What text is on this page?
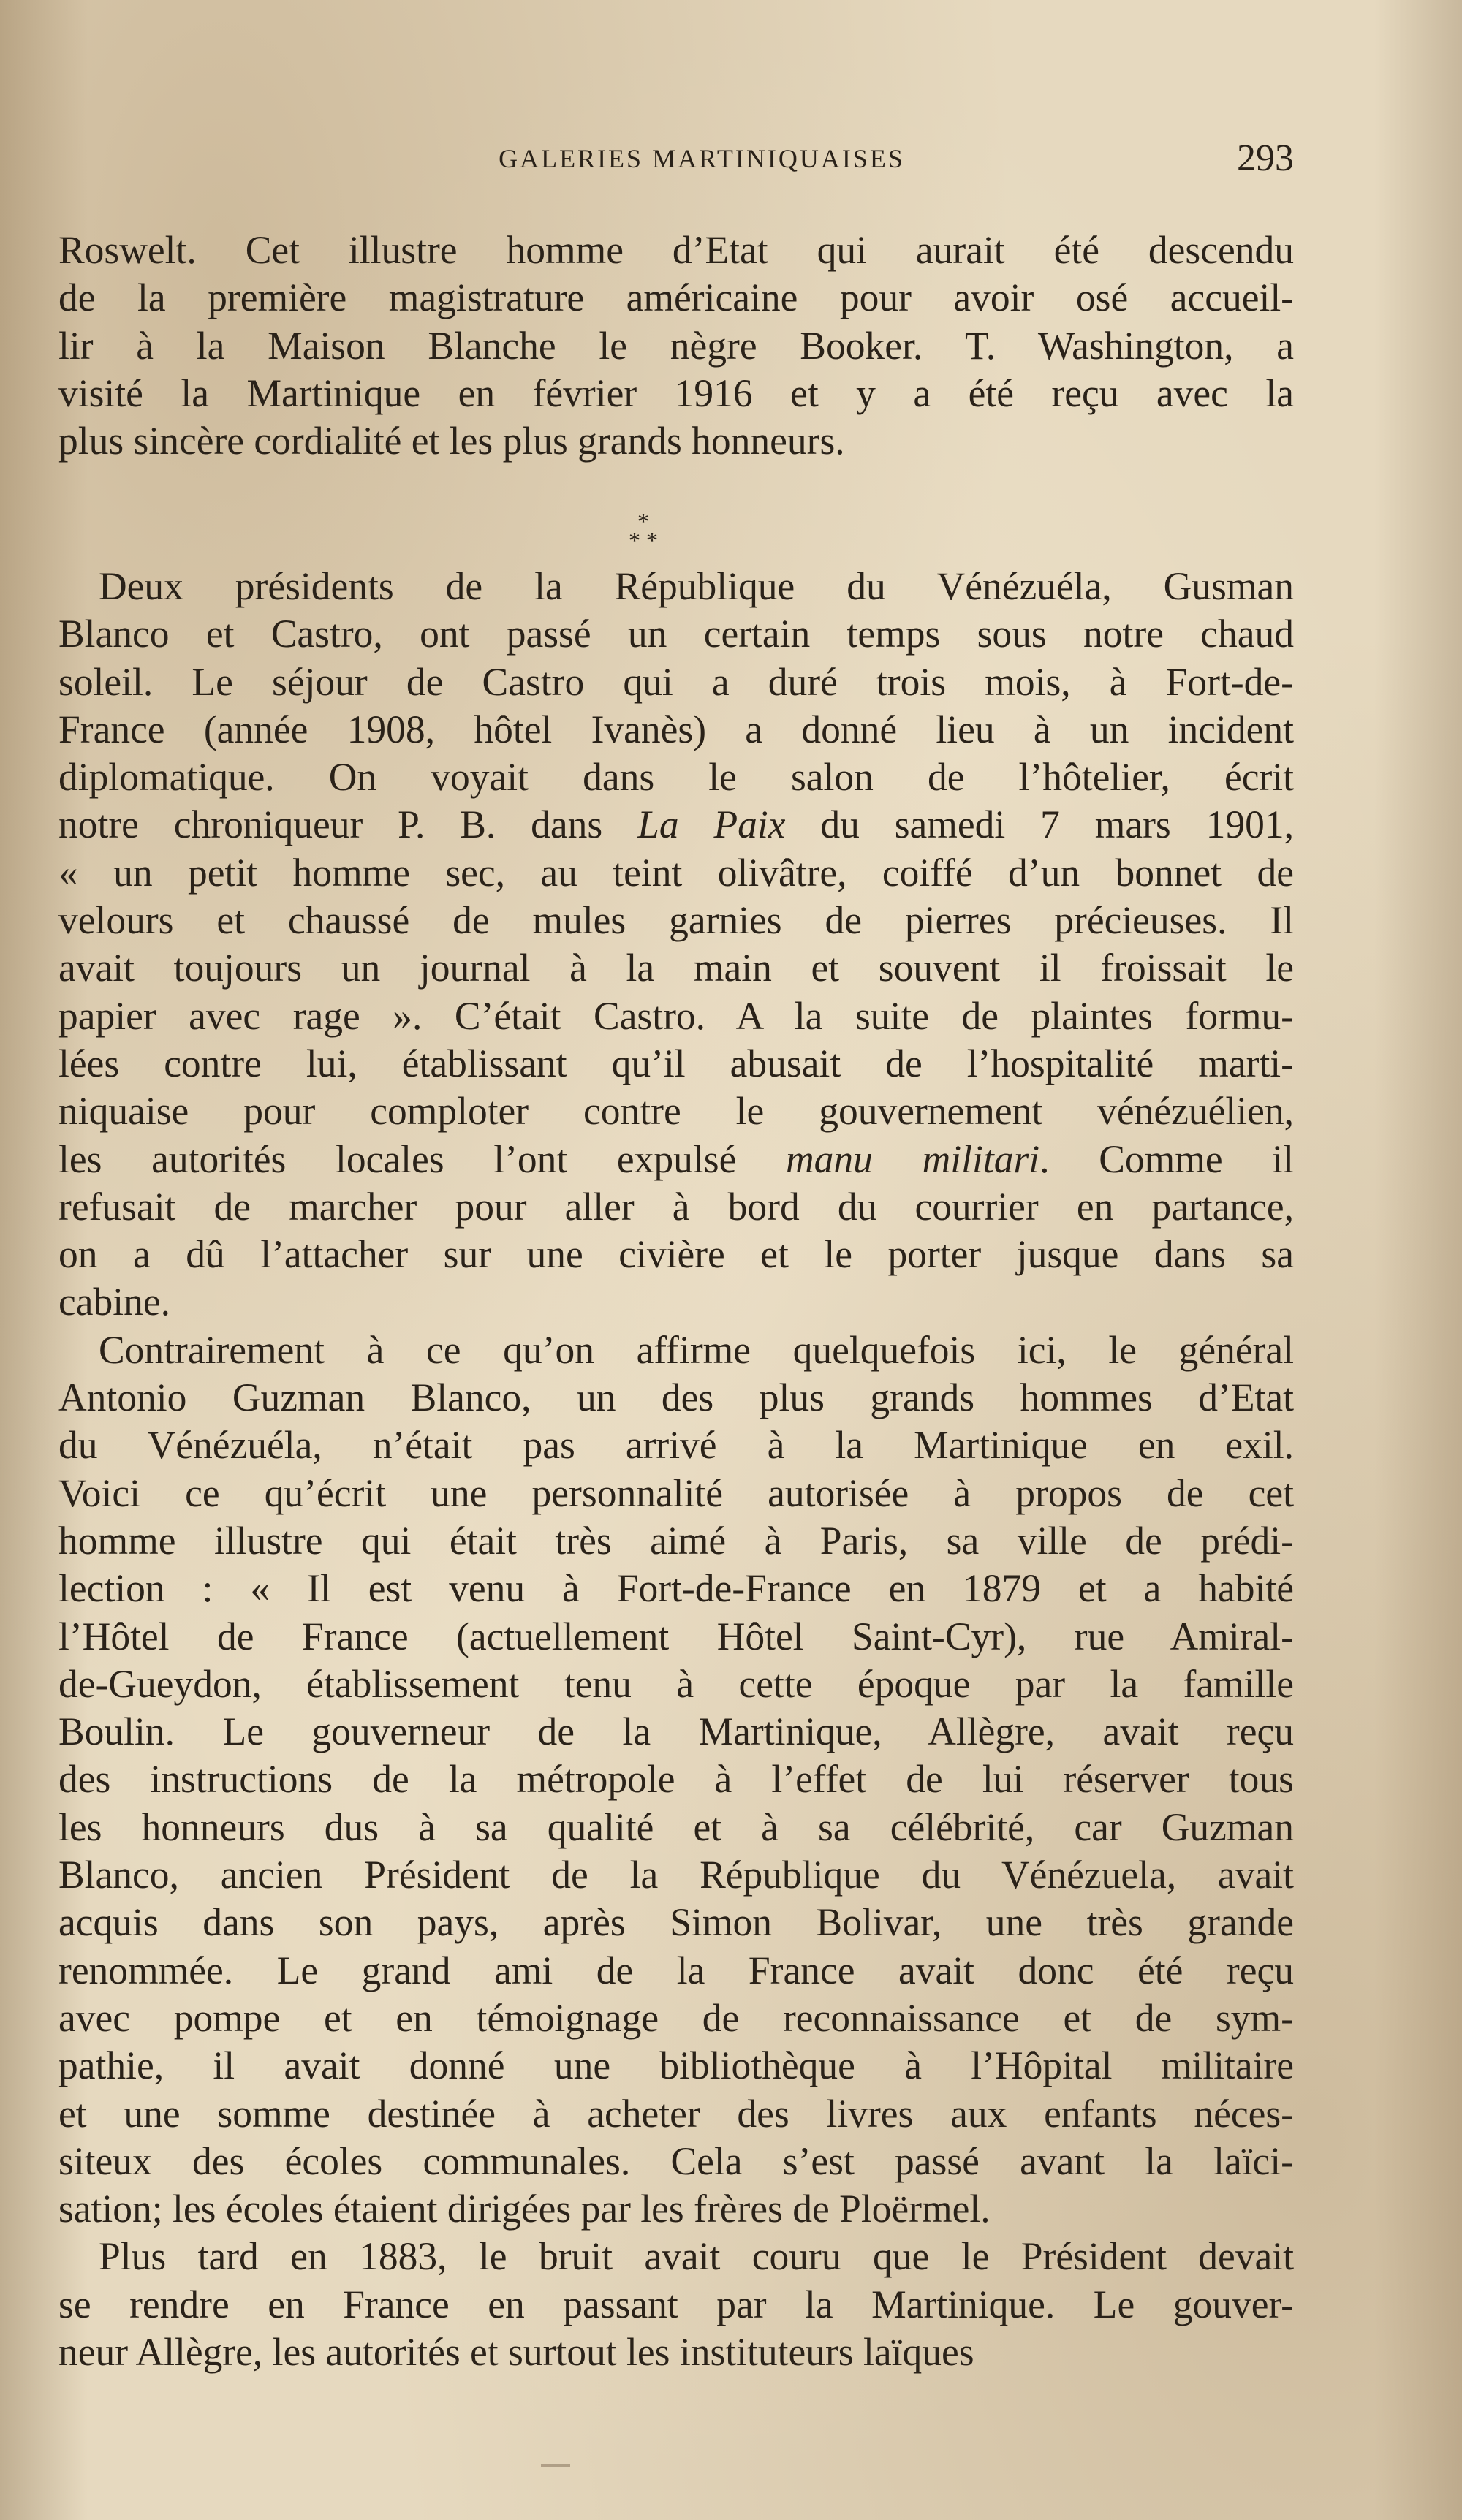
GALERIES MARTINIQUAISES	293
Roswelt. Cet illustre homme d’Etat qui aurait été descendu
de la première magistrature américaine pour avoir osé accueil-
lir à la Maison Blanche le nègre Booker. T. Washington, a
visité la Martinique en février 1916 et y a été reçu avec la
plus sincère cordialité et les plus grands honneurs.
*
* *
Deux présidents de la République du Vénézuéla, Gusman
Blanco et Castro, ont passé un certain temps sous notre chaud
soleil. Le séjour de Castro qui a duré trois mois, à Fort-de-
France (année 1908, hôtel Ivanès) a donné lieu à un incident
diplomatique. On voyait dans le salon de l’hôtelier, écrit
notre chroniqueur P. B. dans La Paix du samedi 7 mars 1901,
« un petit homme sec, au teint olivâtre, coiffé d’un bonnet de
velours et chaussé de mules garnies de pierres précieuses. Il
avait toujours un journal à la main et souvent il froissait le
papier avec rage ». C’était Castro. A la suite de plaintes formu-
lées contre lui, établissant qu’il abusait de l’hospitalité marti-
niquaise pour comploter contre le gouvernement vénézuélien,
les autorités locales l’ont expulsé manu militari. Comme il
refusait de marcher pour aller à bord du courrier en partance,
on a dû l’attacher sur une civière et le porter jusque dans sa
cabine.
Contrairement à ce qu’on affirme quelquefois ici, le général
Antonio Guzman Blanco, un des plus grands hommes d’Etat
du Vénézuéla, n’était pas arrivé à la Martinique en exil.
Voici ce qu’écrit une personnalité autorisée à propos de cet
homme illustre qui était très aimé à Paris, sa ville de prédi-
lection : « Il est venu à Fort-de-France en 1879 et a habité
l’Hôtel de France (actuellement Hôtel Saint-Cyr), rue Amiral-
de-Gueydon, établissement tenu à cette époque par la famille
Boulin. Le gouverneur de la Martinique, Allègre, avait reçu
des instructions de la métropole à l’effet de lui réserver tous
les honneurs dus à sa qualité et à sa célébrité, car Guzman
Blanco, ancien Président de la République du Vénézuela, avait
acquis dans son pays, après Simon Bolivar, une très grande
renommée. Le grand ami de la France avait donc été reçu
avec pompe et en témoignage de reconnaissance et de sym-
pathie, il avait donné une bibliothèque à l’Hôpital militaire
et une somme destinée à acheter des livres aux enfants néces-
siteux des écoles communales. Cela s’est passé avant la laïci-
sation; les écoles étaient dirigées par les frères de Ploërmel.
Plus tard en 1883, le bruit avait couru que le Président devait
se rendre en France en passant par la Martinique. Le gouver-
neur Allègre, les autorités et surtout les instituteurs laïques
